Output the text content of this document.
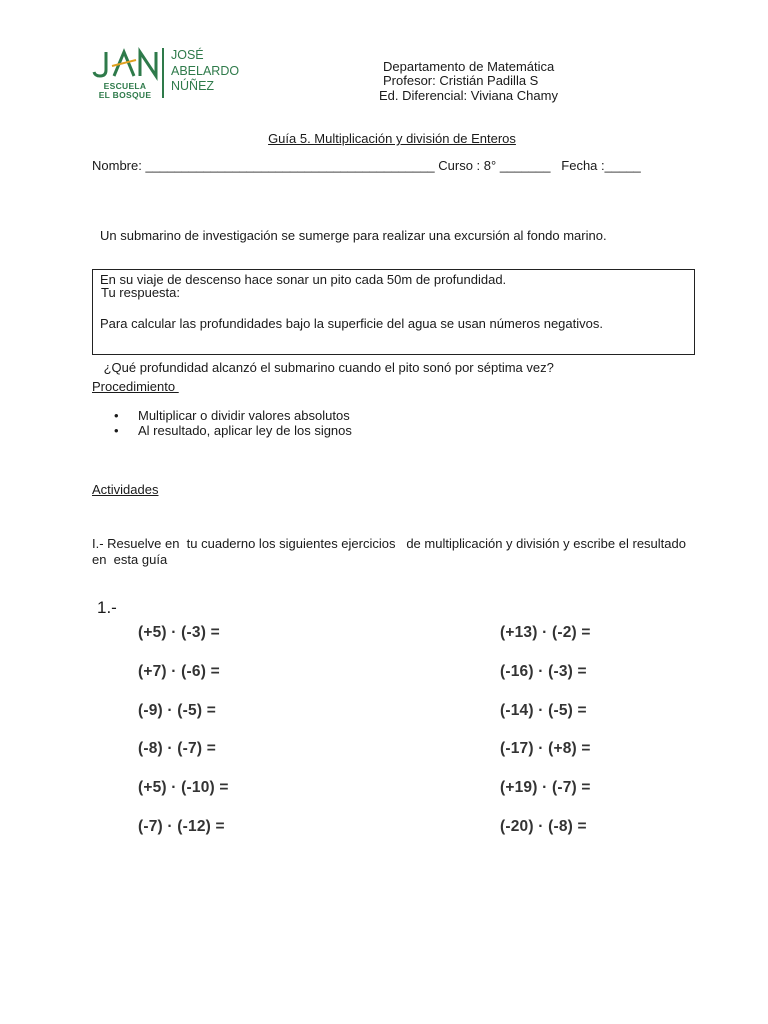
ESCUELA
EL BOSQUE
JOSÉ
ABELARDO
NÚÑEZ
Departamento de Matemática
Profesor: Cristián Padilla S
Ed. Diferencial: Viviana Chamy
Guía 5. Multiplicación y división de Enteros
Nombre: ________________________________________ Curso : 8° _______   Fecha :_____

Un submarino de investigación se sumerge para realizar una excursión al fondo marino.

En su viaje de descenso hace sonar un pito cada 50m de profundidad.

Para calcular las profundidades bajo la superficie del agua se usan números negativos.

¿Qué profundidad alcanzó el submarino cuando el pito sonó por séptima vez?

Tu respuesta:
Procedimiento
• Multiplicar o dividir valores absolutos
• Al resultado, aplicar ley de los signos
Actividades
I.- Resuelve en  tu cuaderno los siguientes ejercicios   de multiplicación y división y escribe el resultado en  esta guía
1.-
(+5) · (-3) =
(+7) · (-6) =
(-9) · (-5) =
(-8) · (-7) =
(+5) · (-10) =
(-7) · (-12) =
(+13) · (-2) =
(-16) · (-3) =
(-14) · (-5) =
(-17) · (+8) =
(+19) · (-7) =
(-20) · (-8) =
